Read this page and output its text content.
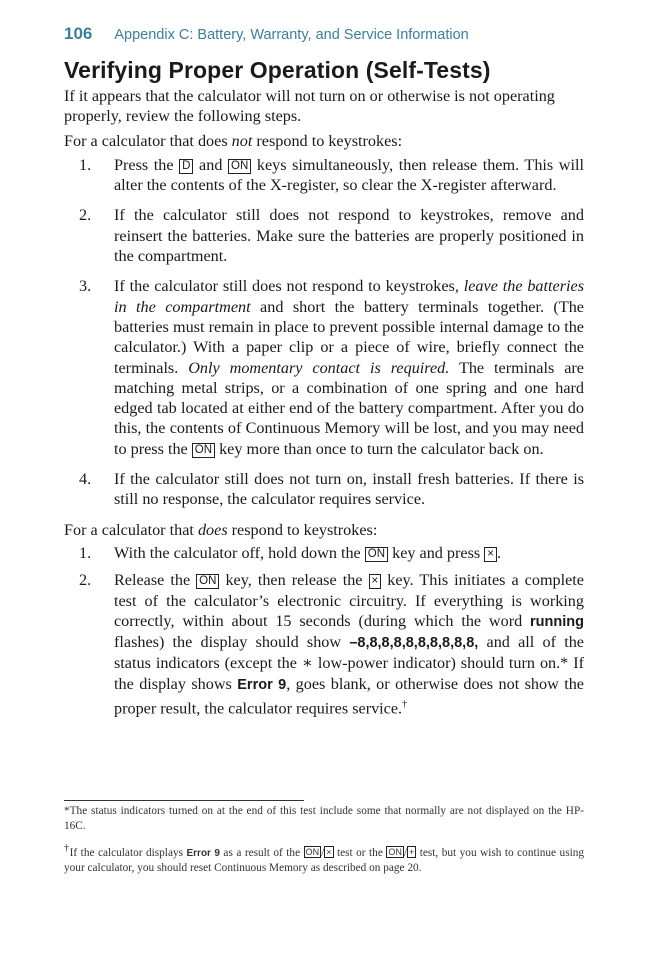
106 Appendix C: Battery, Warranty, and Service Information
Verifying Proper Operation (Self-Tests)

If it appears that the calculator will not turn on or otherwise is not operating properly, review the following steps.

For a calculator that does not respond to keystrokes:

1.	Press the D and ON keys simultaneously, then release them. This will alter the contents of the X-register, so clear the X-register afterward.
2.	If the calculator still does not respond to keystrokes, remove and reinsert the batteries. Make sure the batteries are properly positioned in the compartment.
3.	If the calculator still does not respond to keystrokes, leave the batteries in the compartment and short the battery terminals together. (The batteries must remain in place to prevent possible internal damage to the calculator.) With a paper clip or a piece of wire, briefly connect the terminals. Only momentary contact is required. The terminals are matching metal strips, or a combination of one spring and one hard edged tab located at either end of the battery compartment. After you do this, the contents of Continuous Memory will be lost, and you may need to press the ON key more than once to turn the calculator back on.
4.	If the calculator still does not turn on, install fresh batteries. If there is still no response, the calculator requires service.

For a calculator that does respond to keystrokes:

1.	With the calculator off, hold down the ON key and press × .
2.	Release the ON key, then release the × key. This initiates a complete test of the calculator’s electronic circuitry. If everything is working correctly, within about 15 seconds (during which the word running flashes) the display should show –8,8,8,8,8,8,8,8,8,8, and all of the status indicators (except the ∗ low-power indicator) should turn on.* If the display shows Error 9, goes blank, or otherwise does not show the proper result, the calculator requires service.†
*The status indicators turned on at the end of this test include some that normally are not displayed on the HP-16C.
†If the calculator displays Error 9 as a result of the ON / × test or the ON / + test, but you wish to continue using your calculator, you should reset Continuous Memory as described on page 20.
